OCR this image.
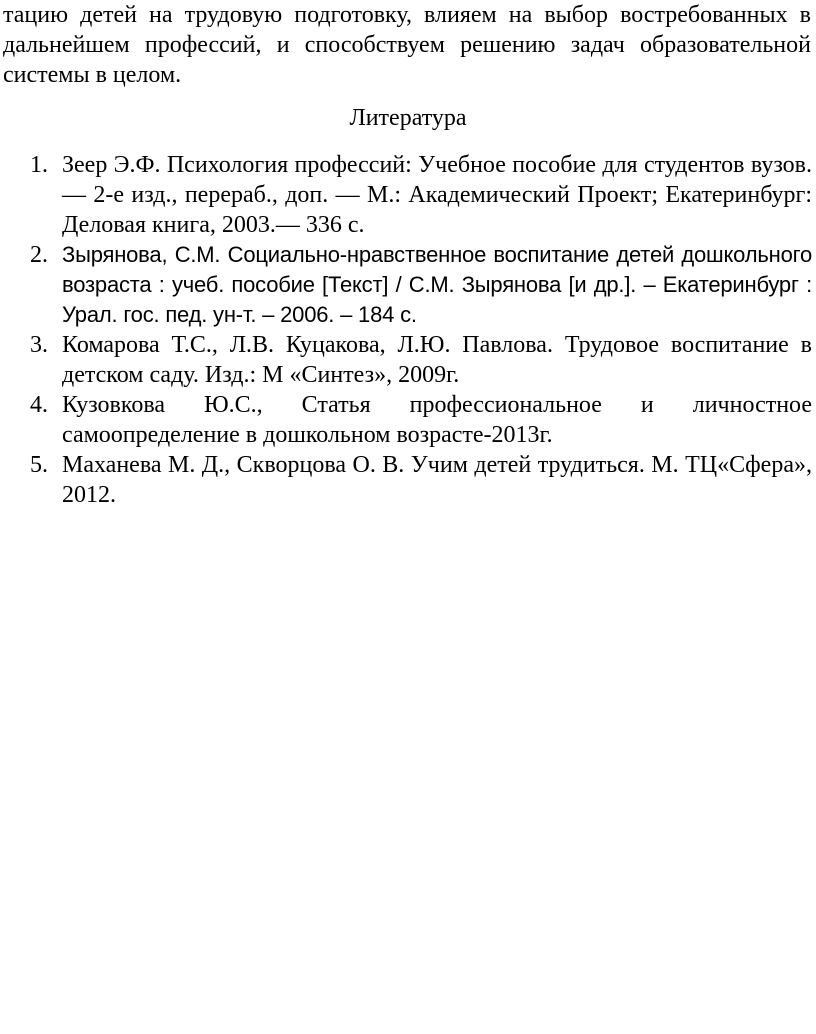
тацию детей на трудовую подготовку, влияем на выбор востребованных в дальнейшем профессий, и способствуем решению задач образовательной системы в целом.

Литература
1. Зеер Э.Ф. Психология профессий: Учебное пособие для студентов вузов.— 2-е изд., перераб., доп. — М.: Академический Проект; Екатеринбург: Деловая книга, 2003.— 336 с.
2. Зырянова, С.М. Социально-нравственное воспитание детей дошкольного возраста : учеб. пособие [Текст] / С.М. Зырянова [и др.]. – Екатеринбург : Урал. гос. пед. ун-т. – 2006. – 184 с.
3. Комарова Т.С., Л.В. Куцакова, Л.Ю. Павлова. Трудовое воспитание в детском саду. Изд.: М «Синтез», 2009г.
4. Кузовкова Ю.С., Статья профессиональное и личностное самоопределение в дошкольном возрасте-2013г.
5. Маханева М. Д., Скворцова О. В. Учим детей трудиться. М. ТЦ«Сфера», 2012.
